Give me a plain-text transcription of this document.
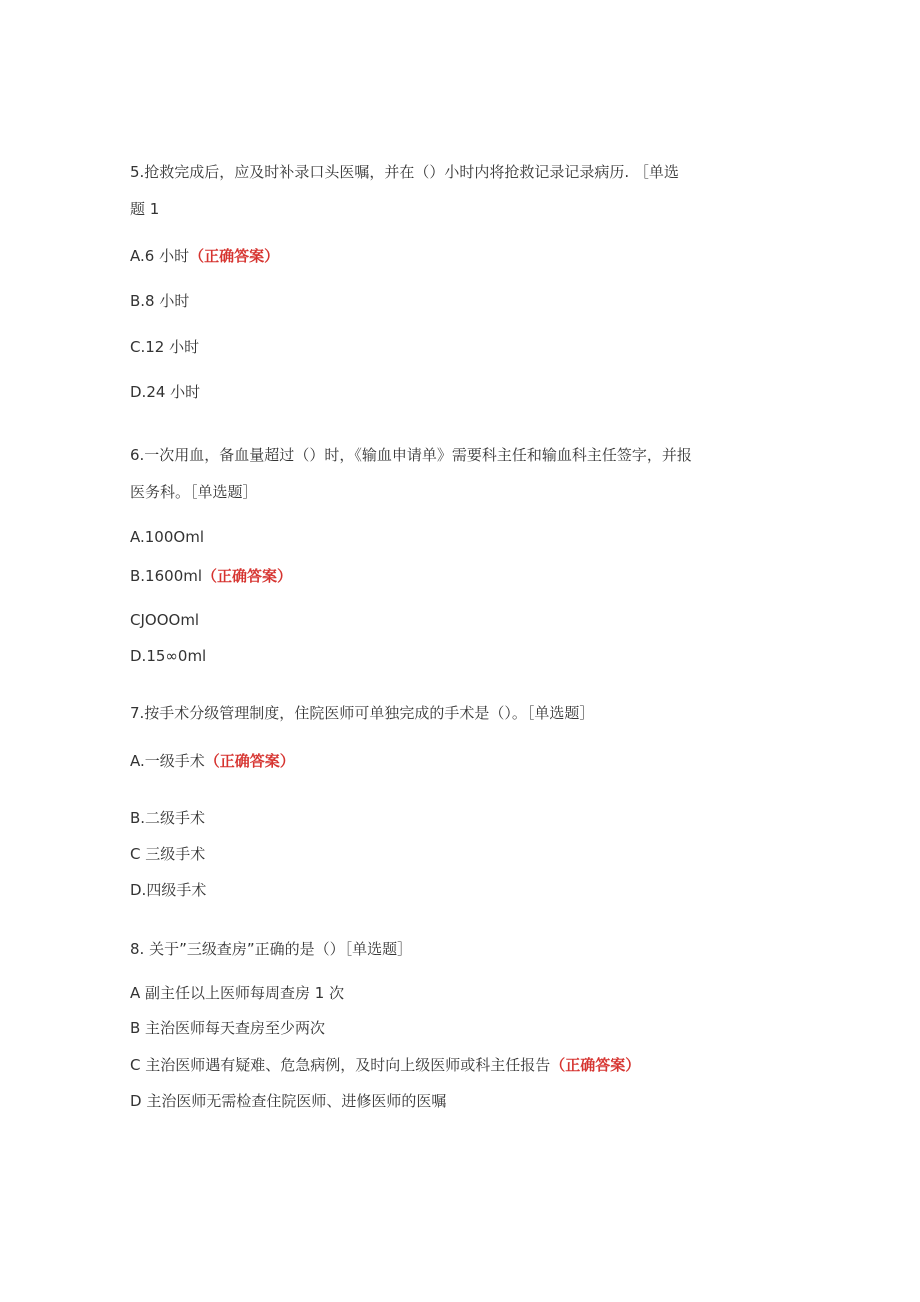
5.抢救完成后，应及时补录口头医嘱，并在（）小时内将抢救记录记录病历. ［单选
题 1
A.6 小时（正确答案）
B.8 小时
C.12 小时
D.24 小时
6.一次用血，备血量超过（）时，《输血申请单》需要科主任和输血科主任签字，并报
医务科。［单选题］
A.100Oml
B.1600ml（正确答案）
CJOOOml
D.15∞0ml
7.按手术分级管理制度，住院医师可单独完成的手术是（）。［单选题］
A.一级手术（正确答案）
B.二级手术
C 三级手术
D.四级手术
8. 关于”三级查房”正确的是（）［单选题］
A 副主任以上医师每周查房 1 次
B 主治医师每天查房至少两次
C 主治医师遇有疑难、危急病例，及时向上级医师或科主任报告（正确答案）
D 主治医师无需检查住院医师、进修医师的医嘱
